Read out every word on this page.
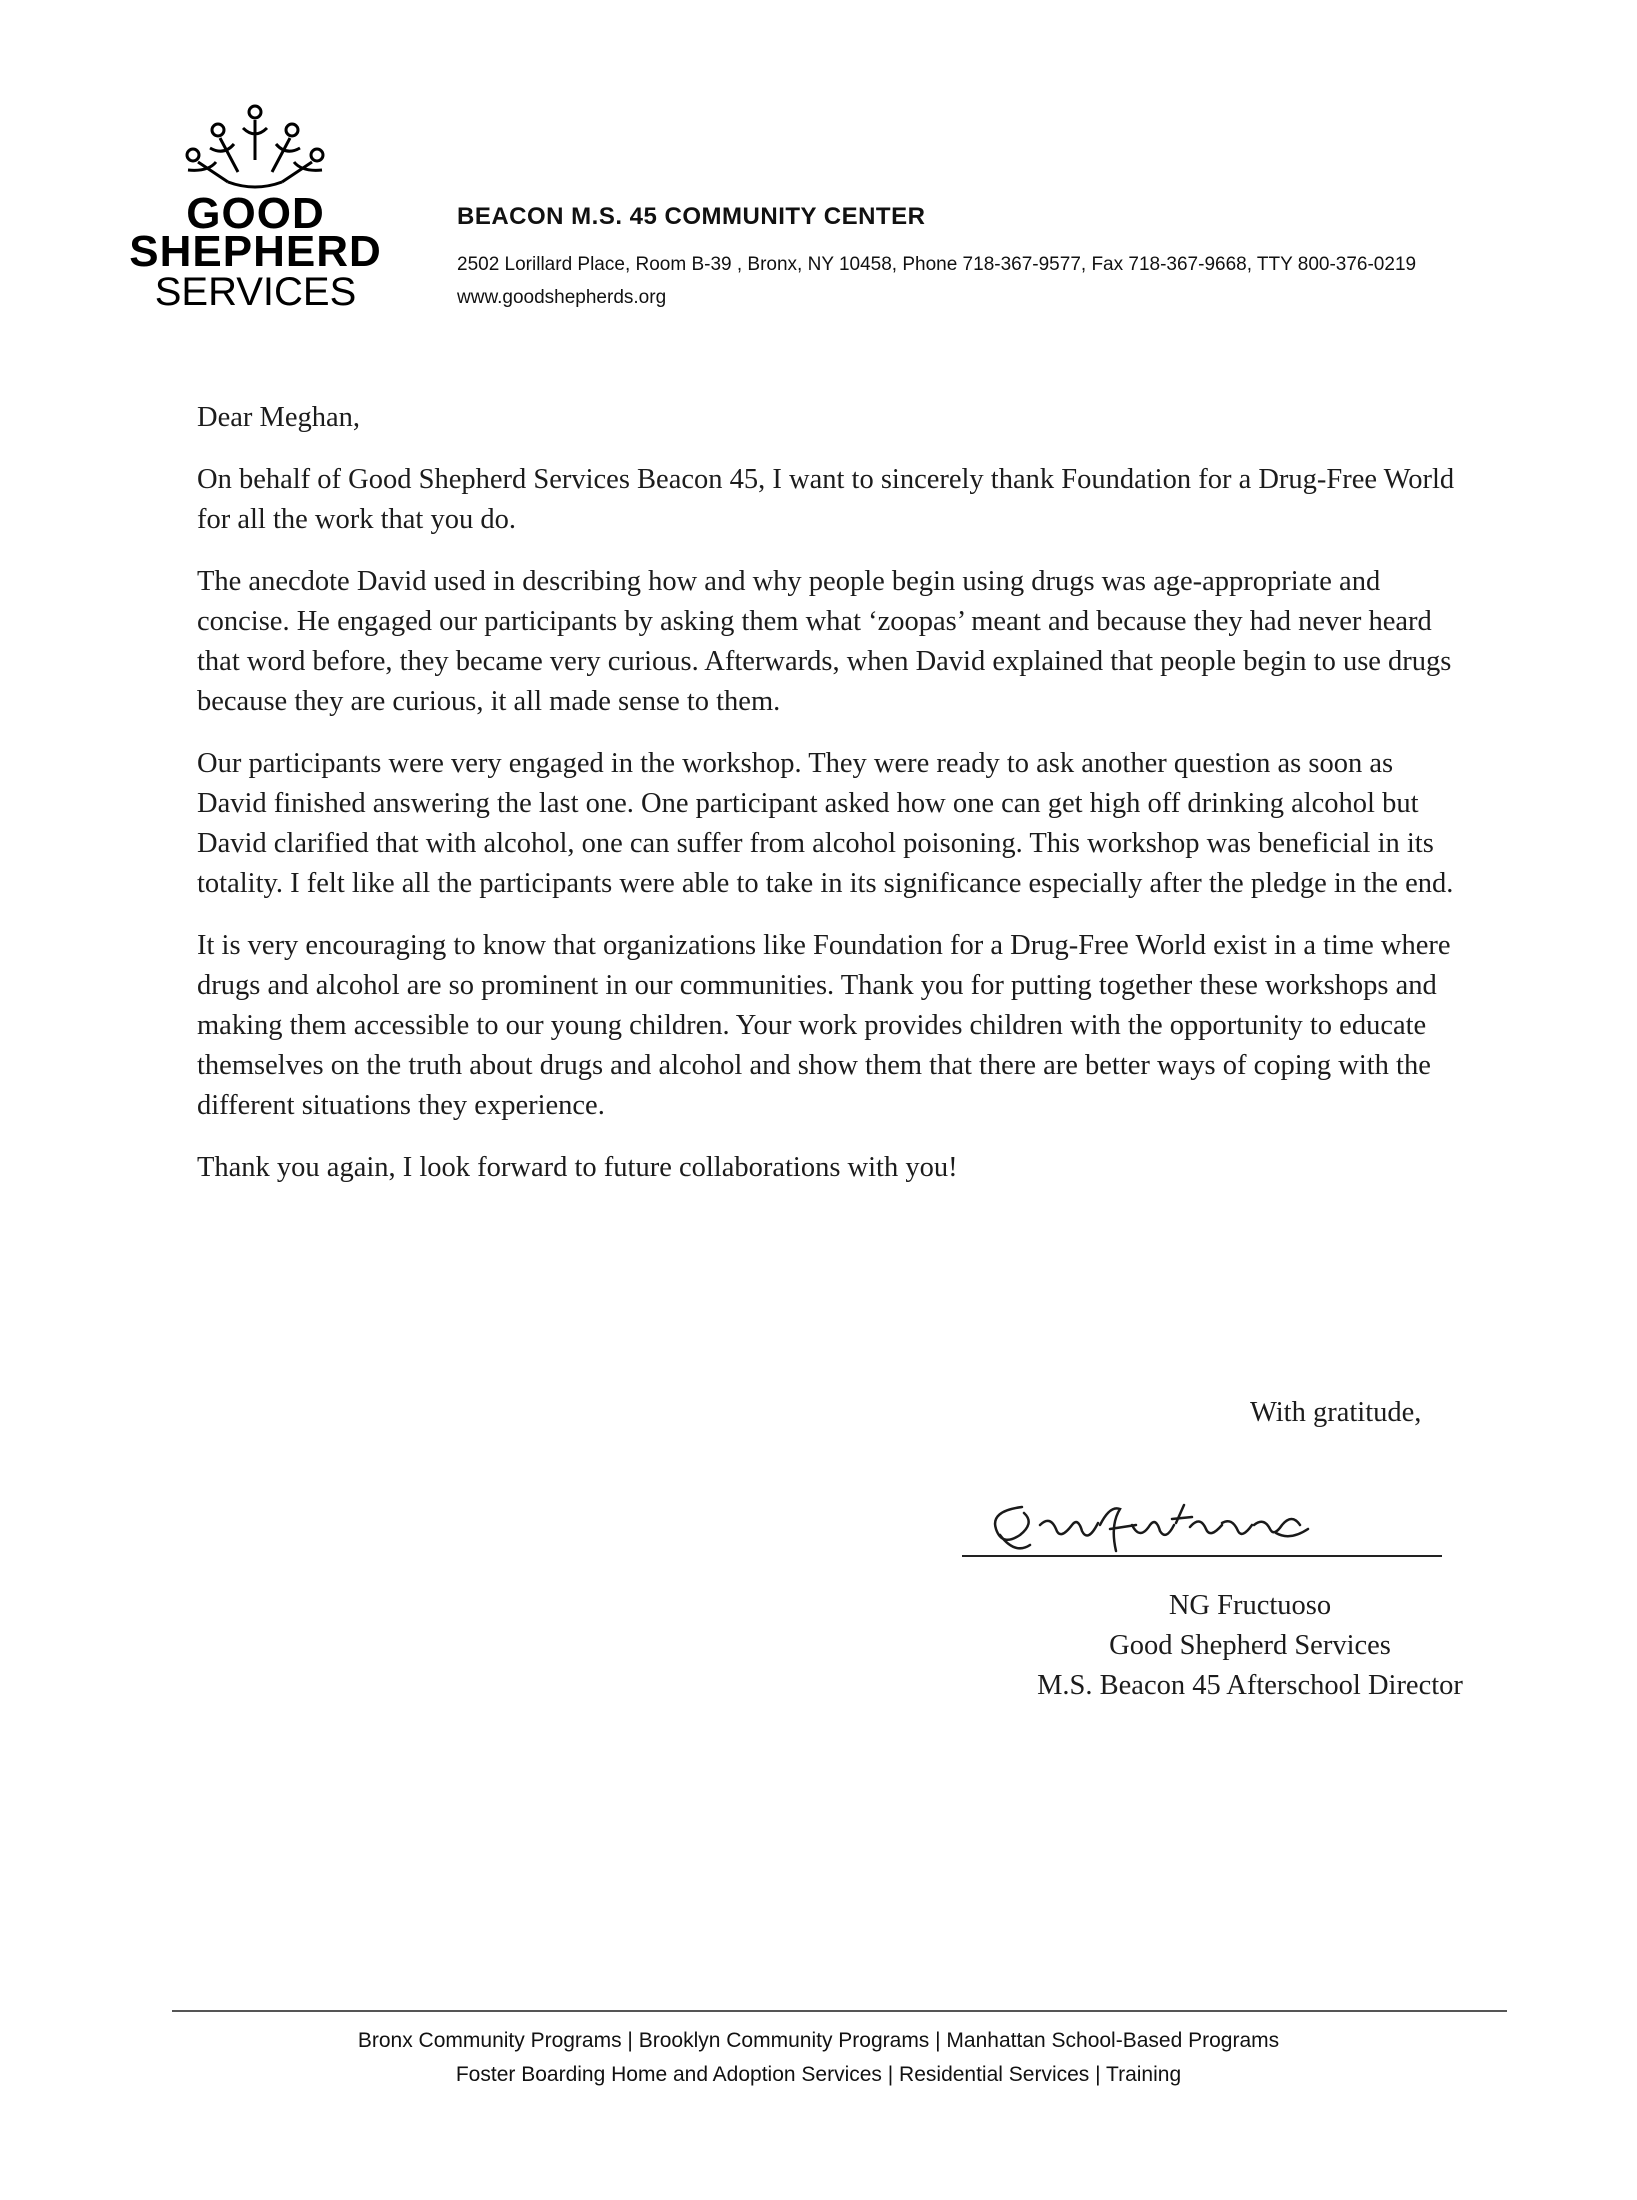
GOOD
SHEPHERD
SERVICES
BEACON M.S. 45 COMMUNITY CENTER
2502 Lorillard Place, Room B-39 , Bronx, NY 10458, Phone 718-367-9577, Fax 718-367-9668, TTY 800-376-0219
www.goodshepherds.org

Dear Meghan,

On behalf of Good Shepherd Services Beacon 45, I want to sincerely thank Foundation for a Drug-Free World for all the work that you do.

The anecdote David used in describing how and why people begin using drugs was age-appropriate and concise. He engaged our participants by asking them what ‘zoopas’ meant and because they had never heard that word before, they became very curious. Afterwards, when David explained that people begin to use drugs because they are curious, it all made sense to them.

Our participants were very engaged in the workshop. They were ready to ask another question as soon as David finished answering the last one. One participant asked how one can get high off drinking alcohol but David clarified that with alcohol, one can suffer from alcohol poisoning. This workshop was beneficial in its totality. I felt like all the participants were able to take in its significance especially after the pledge in the end.

It is very encouraging to know that organizations like Foundation for a Drug-Free World exist in a time where drugs and alcohol are so prominent in our communities. Thank you for putting together these workshops and making them accessible to our young children. Your work provides children with the opportunity to educate themselves on the truth about drugs and alcohol and show them that there are better ways of coping with the different situations they experience.

Thank you again, I look forward to future collaborations with you!

With gratitude,
NG Fructuoso
Good Shepherd Services
M.S. Beacon 45 Afterschool Director
Bronx Community Programs | Brooklyn Community Programs | Manhattan School-Based Programs
Foster Boarding Home and Adoption Services | Residential Services | Training
